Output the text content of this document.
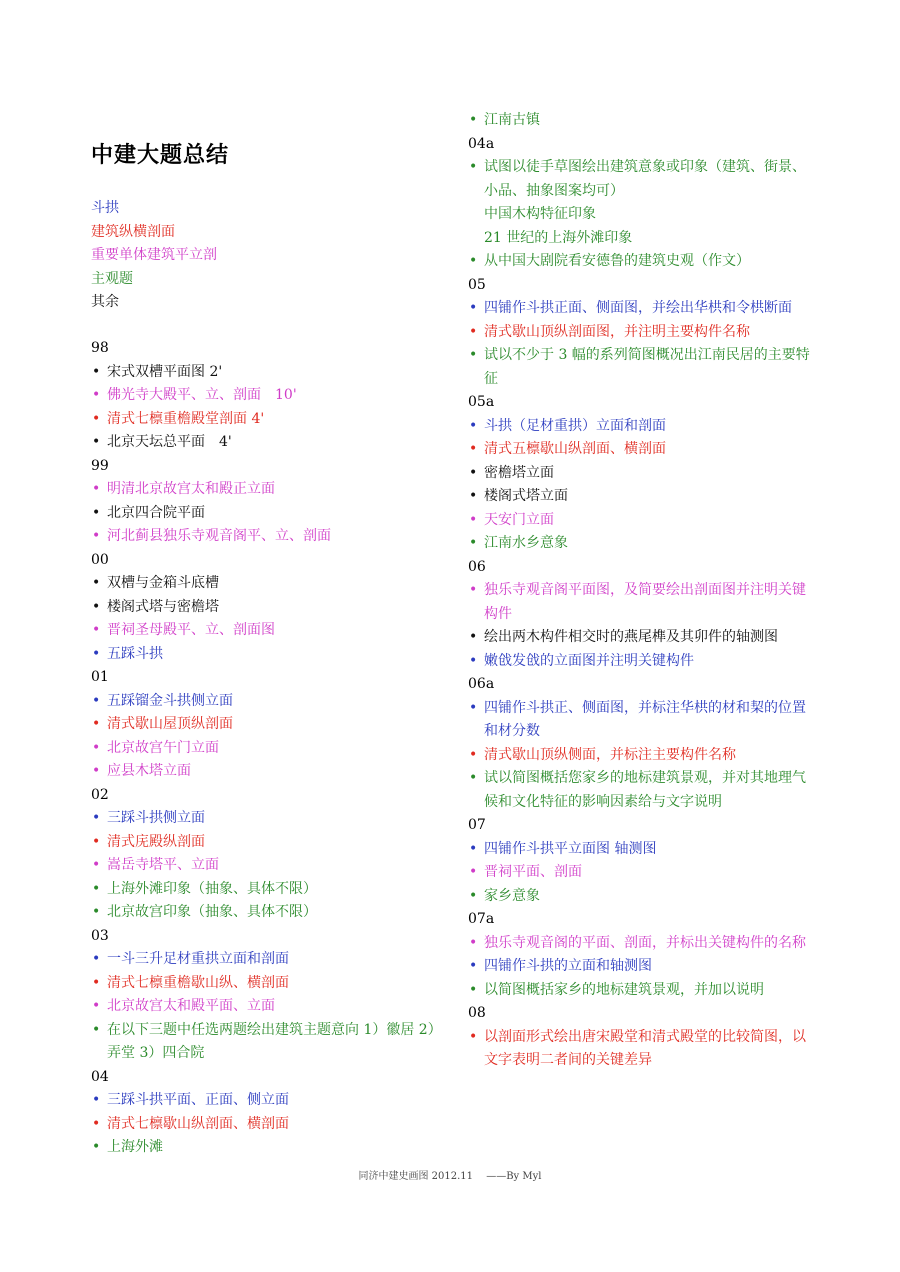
中建大题总结
斗拱
建筑纵横剖面
重要单体建筑平立剖
主观题
其余
98
• 宋式双槽平面图 2'
• 佛光寺大殿平、立、剖面　10'
• 清式七檩重檐殿堂剖面 4'
• 北京天坛总平面　4'
99
• 明清北京故宫太和殿正立面
• 北京四合院平面
• 河北蓟县独乐寺观音阁平、立、剖面
00
• 双槽与金箱斗底槽
• 楼阁式塔与密檐塔
• 晋祠圣母殿平、立、剖面图
• 五踩斗拱
01
• 五踩镏金斗拱侧立面
• 清式歇山屋顶纵剖面
• 北京故宫午门立面
• 应县木塔立面
02
• 三踩斗拱侧立面
• 清式庑殿纵剖面
• 嵩岳寺塔平、立面
• 上海外滩印象（抽象、具体不限）
• 北京故宫印象（抽象、具体不限）
03
• 一斗三升足材重拱立面和剖面
• 清式七檩重檐歇山纵、横剖面
• 北京故宫太和殿平面、立面
• 在以下三题中任选两题绘出建筑主题意向 1）徽居 2）弄堂 3）四合院
04
• 三踩斗拱平面、正面、侧立面
• 清式七檩歇山纵剖面、横剖面
• 上海外滩
• 江南古镇
04a
• 试图以徒手草图绘出建筑意象或印象（建筑、街景、小品、抽象图案均可）
中国木构特征印象
21 世纪的上海外滩印象
• 从中国大剧院看安德鲁的建筑史观（作文）
05
• 四铺作斗拱正面、侧面图，并绘出华栱和令栱断面
• 清式歇山顶纵剖面图，并注明主要构件名称
• 试以不少于 3 幅的系列简图概况出江南民居的主要特征
05a
• 斗拱（足材重拱）立面和剖面
• 清式五檩歇山纵剖面、横剖面
• 密檐塔立面
• 楼阁式塔立面
• 天安门立面
• 江南水乡意象
06
• 独乐寺观音阁平面图，及简要绘出剖面图并注明关键构件
• 绘出两木构件相交时的燕尾榫及其卯件的轴测图
• 嫩戗发戗的立面图并注明关键构件
06a
• 四铺作斗拱正、侧面图，并标注华栱的材和栔的位置和材分数
• 清式歇山顶纵侧面，并标注主要构件名称
• 试以简图概括您家乡的地标建筑景观，并对其地理气候和文化特征的影响因素给与文字说明
07
• 四铺作斗拱平立面图 轴测图
• 晋祠平面、剖面
• 家乡意象
07a
• 独乐寺观音阁的平面、剖面，并标出关键构件的名称
• 四铺作斗拱的立面和轴测图
• 以简图概括家乡的地标建筑景观，并加以说明
08
• 以剖面形式绘出唐宋殿堂和清式殿堂的比较简图，以文字表明二者间的关键差异
同济中建史画图 2012.11　 ——By Myl
